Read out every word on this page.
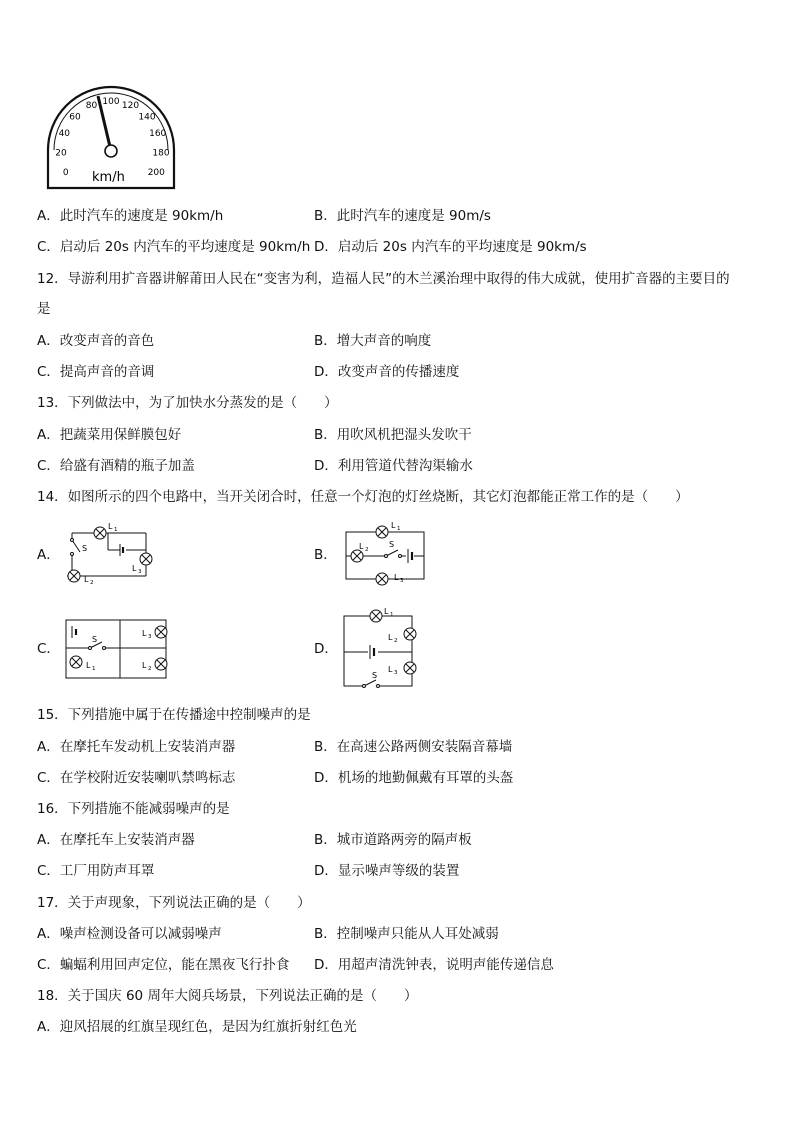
0
20
40
60
80 100 120
140
160
180
200
km/h
A．此时汽车的速度是 90km/h	B．此时汽车的速度是 90m/s
C．启动后 20s 内汽车的平均速度是 90km/h D．启动后 20s 内汽车的平均速度是 90km/s
12．导游利用扩音器讲解莆田人民在“变害为利，造福人民”的木兰溪治理中取得的伟大成就，使用扩音器的主要目的
是
A．改变声音的音色	B．增大声音的响度
C．提高声音的音调	D．改变声音的传播速度
13．下列做法中，为了加快水分蒸发的是（　　）
A．把蔬菜用保鲜膜包好	B．用吹风机把湿头发吹干
C．给盛有酒精的瓶子加盖	D．利用管道代替沟渠输水
14．如图所示的四个电路中，当开关闭合时，任意一个灯泡的灯丝烧断，其它灯泡都能正常工作的是（　　）
A．	B．
C．	D．
L 1
S
L 3
L 2
L 1
L 2
S
L 3
S
L 3
L 1	L 2
L 1
L 2
L 3
S
15．下列措施中属于在传播途中控制噪声的是
A．在摩托车发动机上安装消声器	B．在高速公路两侧安装隔音幕墙
C．在学校附近安装喇叭禁鸣标志	D．机场的地勤佩戴有耳罩的头盔
16．下列措施不能减弱噪声的是
A．在摩托车上安装消声器	B．城市道路两旁的隔声板
C．工厂用防声耳罩	D．显示噪声等级的装置
17．关于声现象，下列说法正确的是（　　）
A．噪声检测设备可以减弱噪声	B．控制噪声只能从人耳处减弱
C．蝙蝠利用回声定位，能在黑夜飞行扑食 D．用超声清洗钟表，说明声能传递信息
18．关于国庆 60 周年大阅兵场景，下列说法正确的是（　　）
A．迎风招展的红旗呈现红色，是因为红旗折射红色光
